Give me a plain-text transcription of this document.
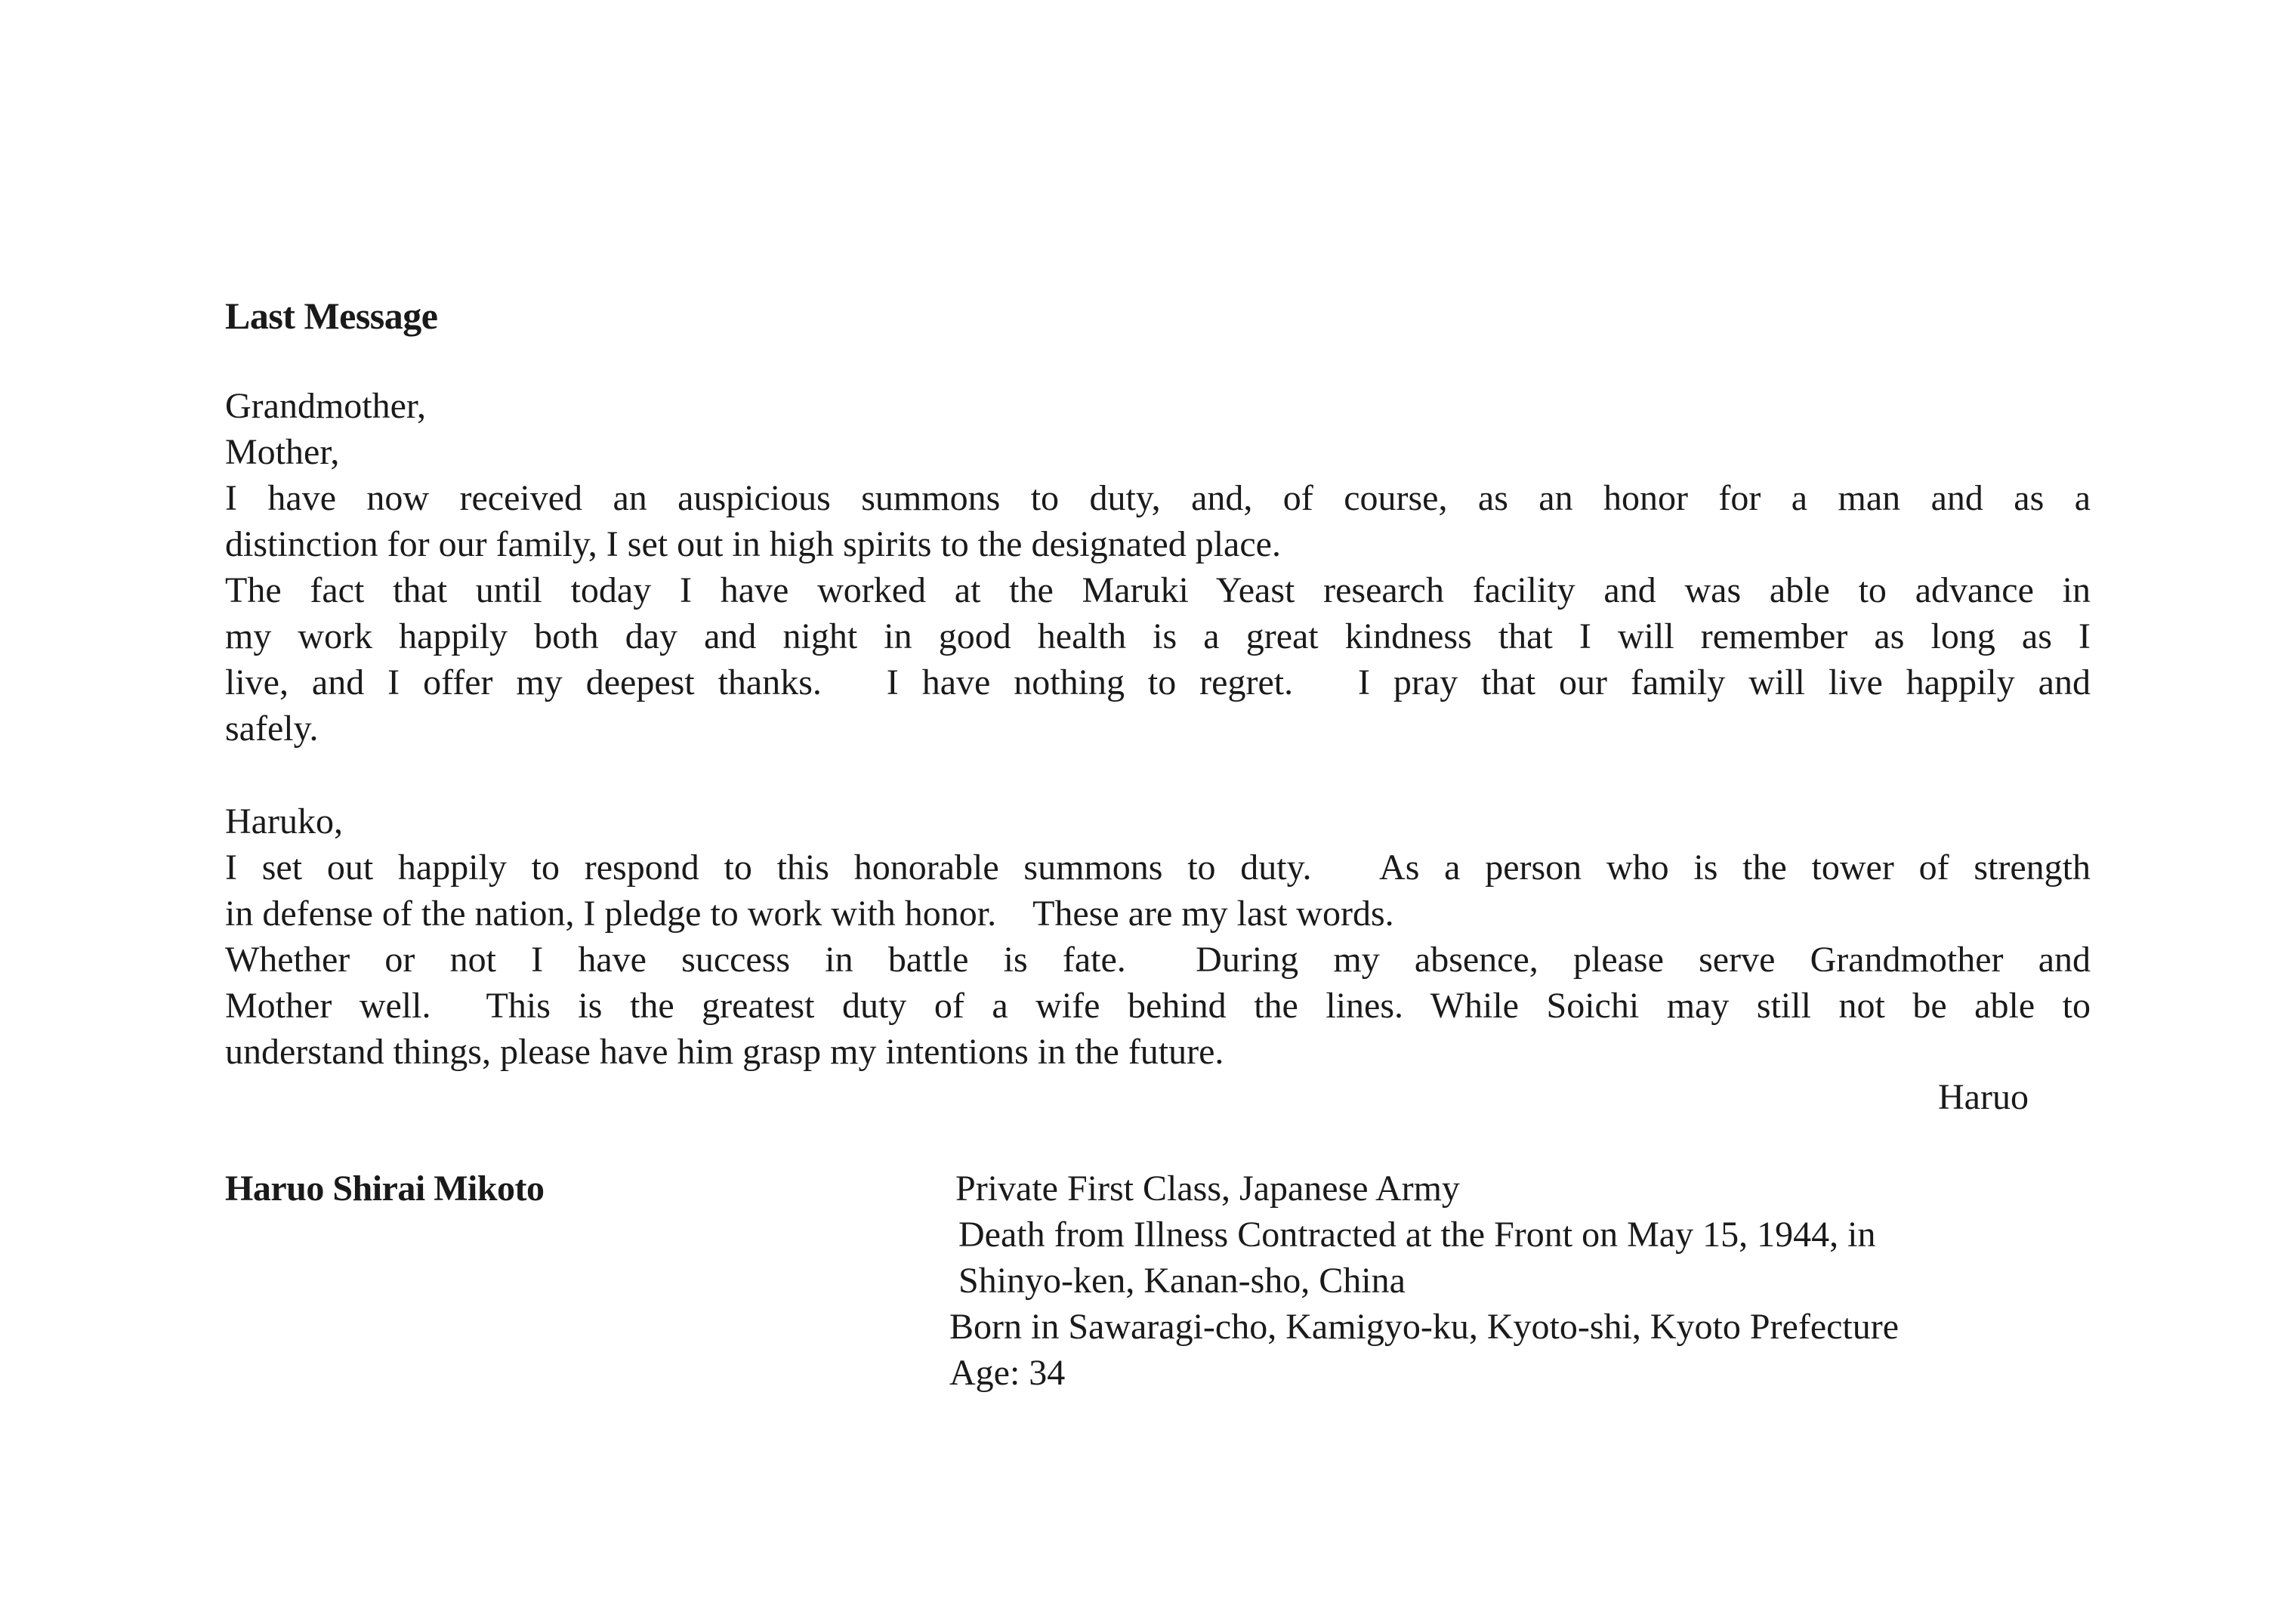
Last Message
Grandmother,
Mother,
I have now received an auspicious summons to duty, and, of course, as an honor for a man and as a
distinction for our family, I set out in high spirits to the designated place.
The fact that until today I have worked at the Maruki Yeast research facility and was able to advance in
my work happily both day and night in good health is a great kindness that I will remember as long as I
live, and I offer my deepest thanks.　I have nothing to regret.　I pray that our family will live happily and
safely.
Haruko,
I set out happily to respond to this honorable summons to duty.　As a person who is the tower of strength
in defense of the nation, I pledge to work with honor.　These are my last words.
Whether or not I have success in battle is fate.  During my absence, please serve Grandmother and
Mother well.  This is the greatest duty of a wife behind the lines. While Soichi may still not be able to
understand things, please have him grasp my intentions in the future.
Haruo
Haruo Shirai Mikoto	Private First Class, Japanese Army
Death from Illness Contracted at the Front on May 15, 1944, in
Shinyo-ken, Kanan-sho, China
Born in Sawaragi-cho, Kamigyo-ku, Kyoto-shi, Kyoto Prefecture
Age: 34
